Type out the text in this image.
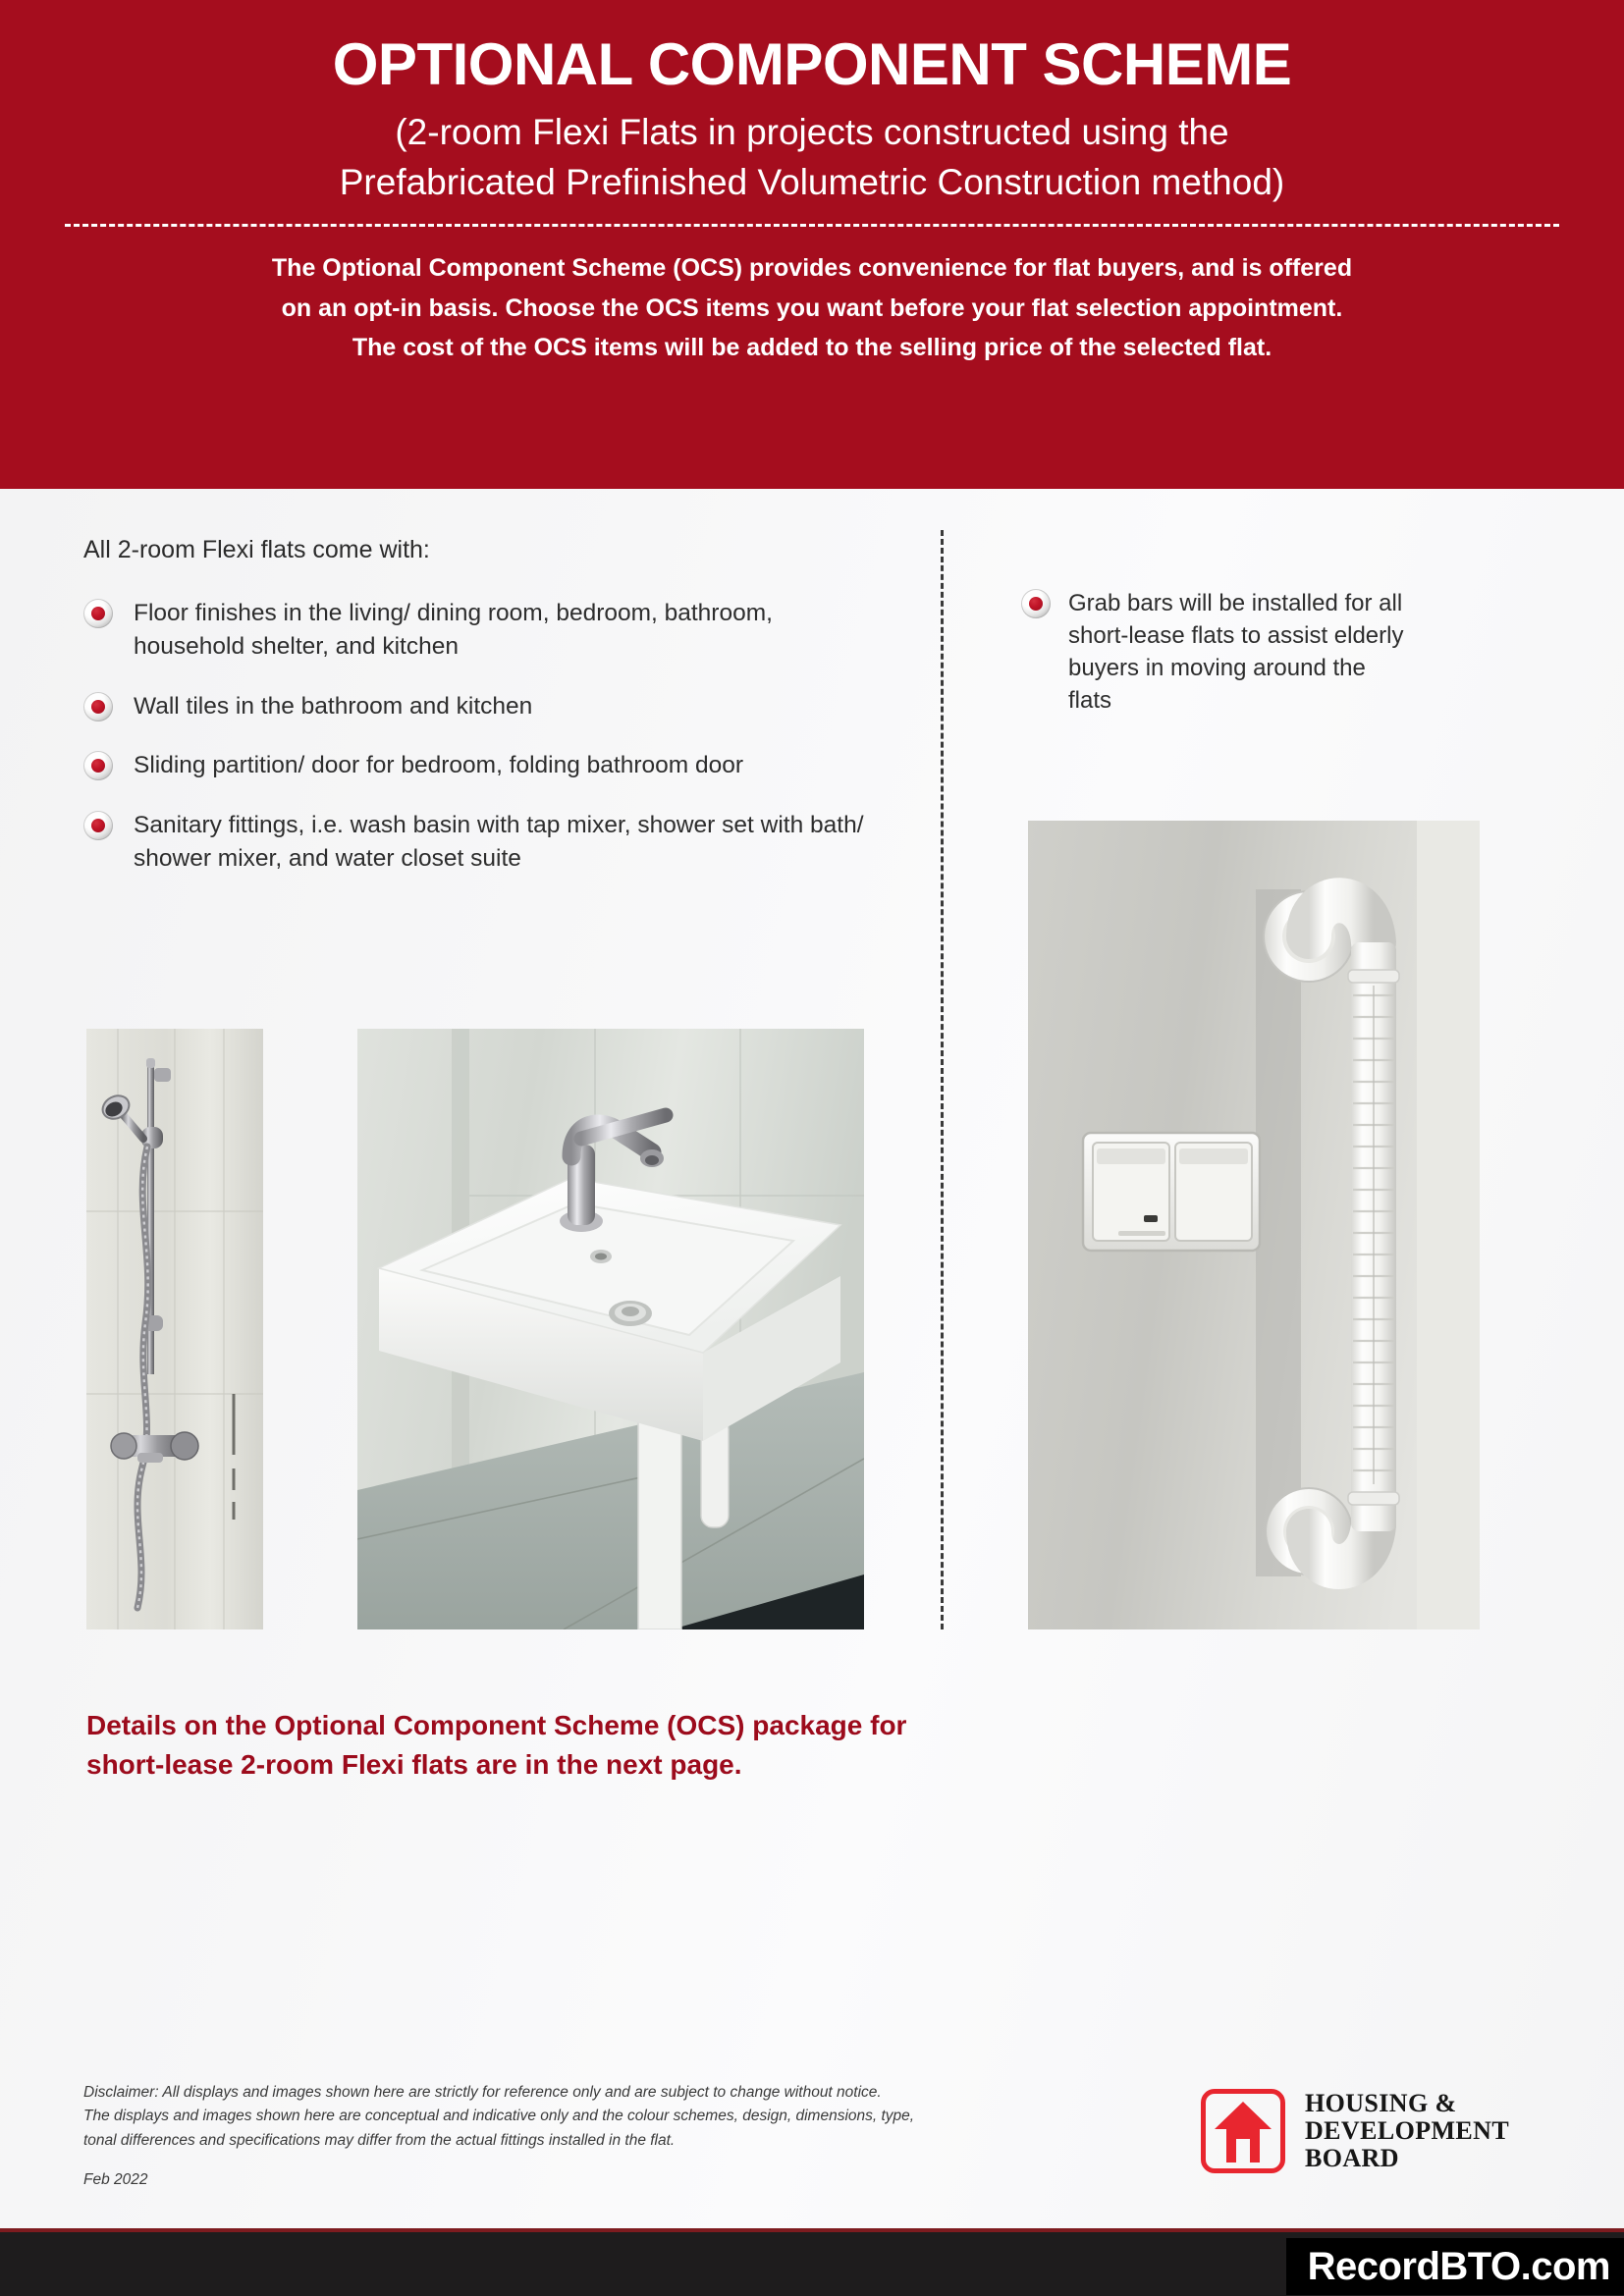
OPTIONAL COMPONENT SCHEME
(2-room Flexi Flats in projects constructed using the
Prefabricated Prefinished Volumetric Construction method)
The Optional Component Scheme (OCS) provides convenience for flat buyers, and is offered
on an opt-in basis. Choose the OCS items you want before your flat selection appointment.
The cost of the OCS items will be added to the selling price of the selected flat.
All 2-room Flexi flats come with:
Floor finishes in the living/ dining room, bedroom, bathroom, household shelter, and kitchen
Wall tiles in the bathroom and kitchen
Sliding partition/ door for bedroom, folding bathroom door
Sanitary fittings, i.e. wash basin with tap mixer, shower set with bath/ shower mixer, and water closet suite
Grab bars will be installed for all short-lease flats to assist elderly buyers in moving around the flats
Details on the Optional Component Scheme (OCS) package for
short-lease 2-room Flexi flats are in the next page.
Disclaimer: All displays and images shown here are strictly for reference only and are subject to change without notice.
The displays and images shown here are conceptual and indicative only and the colour schemes, design, dimensions, type,
tonal differences and specifications may differ from the actual fittings installed in the flat.
Feb 2022
HOUSING &
DEVELOPMENT
BOARD
RecordBTO.com
